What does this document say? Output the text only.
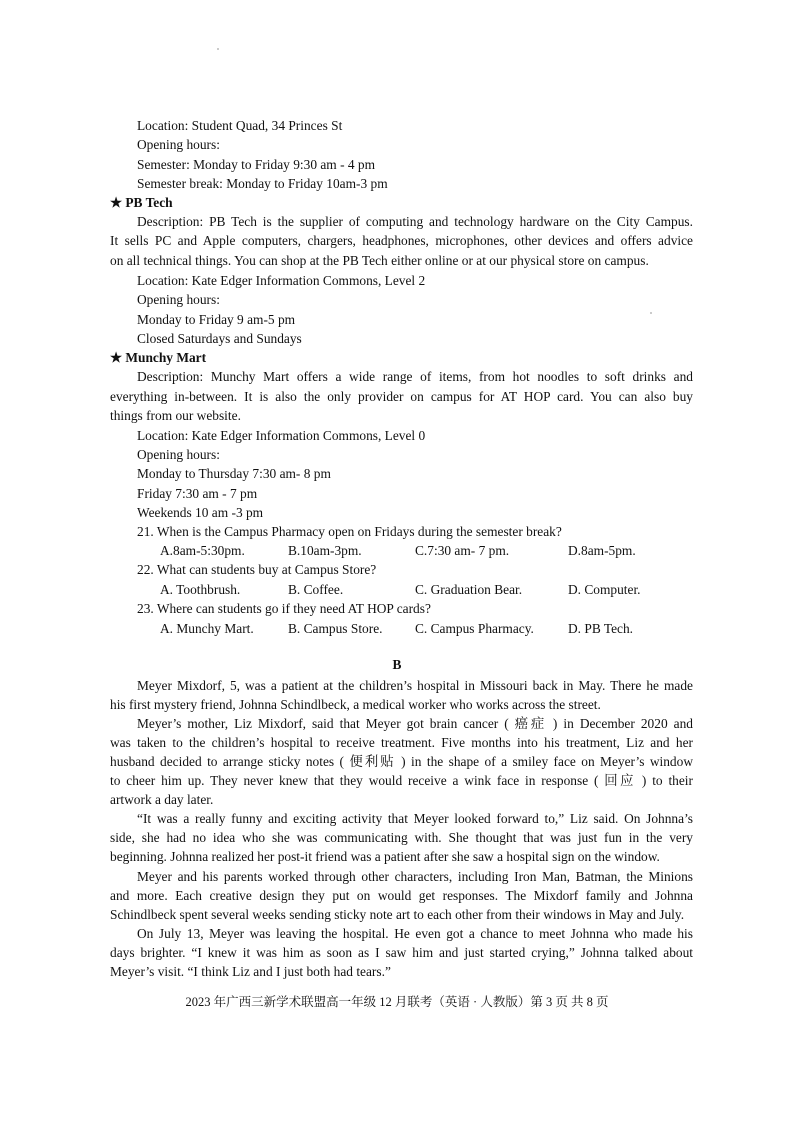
Location: Student Quad, 34 Princes St
Opening hours:
Semester: Monday to Friday 9:30 am - 4 pm
Semester break: Monday to Friday 10am-3 pm
★ PB Tech
Description: PB Tech is the supplier of computing and technology hardware on the City Campus.
It sells PC and Apple computers, chargers, headphones, microphones, other devices and offers advice
on all technical things. You can shop at the PB Tech either online or at our physical store on campus.
Location: Kate Edger Information Commons, Level 2
Opening hours:
Monday to Friday 9 am-5 pm
Closed Saturdays and Sundays
★ Munchy Mart
Description: Munchy Mart offers a wide range of items, from hot noodles to soft drinks and
everything in-between. It is also the only provider on campus for AT HOP card. You can also buy
things from our website.
Location: Kate Edger Information Commons, Level 0
Opening hours:
Monday to Thursday 7:30 am- 8 pm
Friday 7:30 am - 7 pm
Weekends 10 am -3 pm
21. When is the Campus Pharmacy open on Fridays during the semester break?
A.8am-5:30pm.	B.10am-3pm.	C.7:30 am- 7 pm.	D.8am-5pm.
22. What can students buy at Campus Store?
A. Toothbrush.	B. Coffee.	C. Graduation Bear.	D. Computer.
23. Where can students go if they need AT HOP cards?
A. Munchy Mart.	B. Campus Store. C. Campus Pharmacy.	D. PB Tech.
B
Meyer Mixdorf, 5, was a patient at the children’s hospital in Missouri back in May. There he made
his first mystery friend, Johnna Schindlbeck, a medical worker who works across the street.
Meyer’s mother, Liz Mixdorf, said that Meyer got brain cancer ( 癌症 ) in December 2020 and
was taken to the children’s hospital to receive treatment. Five months into his treatment, Liz and her
husband decided to arrange sticky notes ( 便利贴 ) in the shape of a smiley face on Meyer’s window
to cheer him up. They never knew that they would receive a wink face in response ( 回应 ) to their
artwork a day later.
“It was a really funny and exciting activity that Meyer looked forward to,” Liz said. On Johnna’s
side, she had no idea who she was communicating with. She thought that was just fun in the very
beginning. Johnna realized her post-it friend was a patient after she saw a hospital sign on the window.
Meyer and his parents worked through other characters, including Iron Man, Batman, the Minions
and more. Each creative design they put on would get responses. The Mixdorf family and Johnna
Schindlbeck spent several weeks sending sticky note art to each other from their windows in May and July.
On July 13, Meyer was leaving the hospital. He even got a chance to meet Johnna who made his
days brighter. “I knew it was him as soon as I saw him and just started crying,” Johnna talked about
Meyer’s visit. “I think Liz and I just both had tears.”
2023 年广西三新学术联盟高一年级 12 月联考（英语 · 人教版）第 3 页 共 8 页
